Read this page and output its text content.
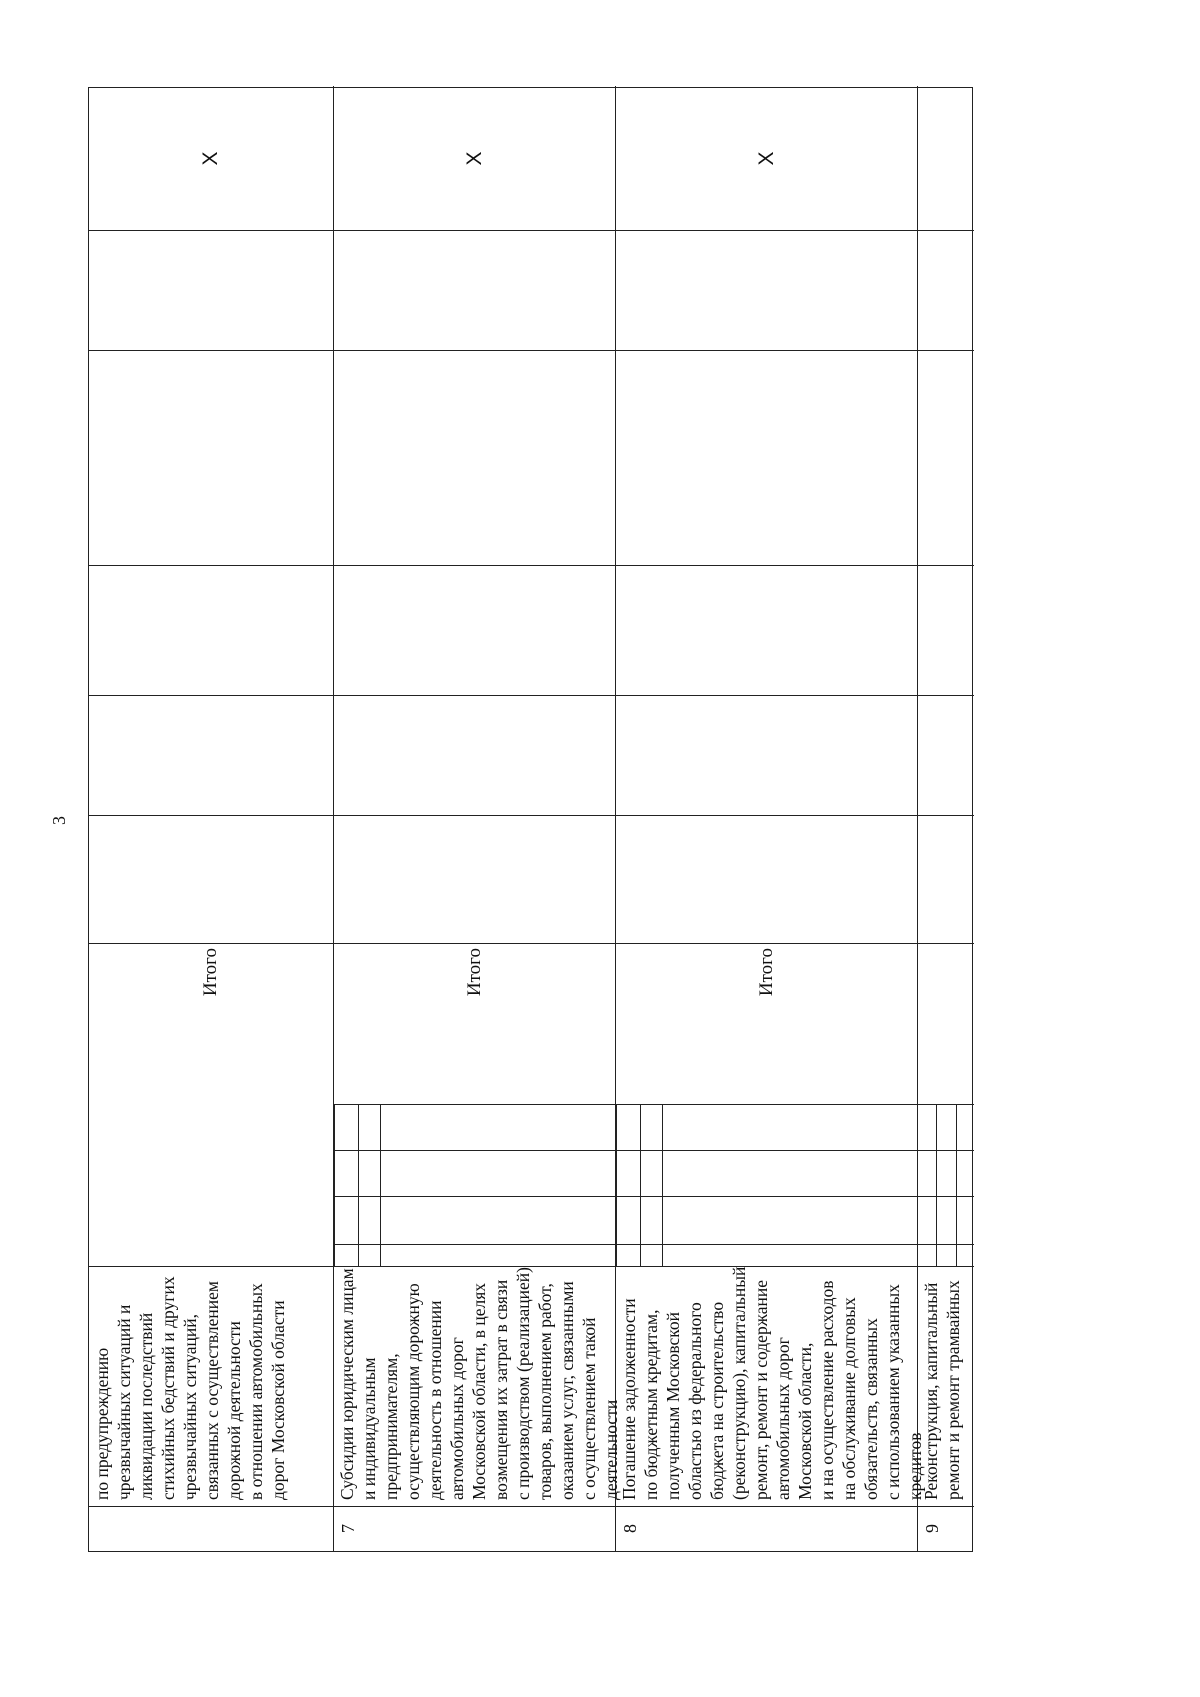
3
по предупреждению чрезвычайных ситуаций и ликвидации последствий стихийных бедствий и других чрезвычайных ситуаций, связанных с осуществлением дорожной деятельности в отношении автомобильных дорог Московской области
Итого
X
7
Субсидии юридическим лицам и индивидуальным предпринимателям, осуществляющим дорожную деятельность в отношении автомобильных дорог Московской области, в целях возмещения их затрат в связи с производством (реализацией) товаров, выполнением работ, оказанием услуг, связанными с осуществлением такой деятельности
Итого
X
8
Погашение задолженности по бюджетным кредитам, полученным Московской областью из федерального бюджета на строительство (реконструкцию), капитальный ремонт, ремонт и содержание автомобильных дорог Московской области, и на осуществление расходов на обслуживание долговых обязательств, связанных с использованием указанных кредитов
Итого
X
9
Реконструкция, капитальный ремонт и ремонт трамвайных
